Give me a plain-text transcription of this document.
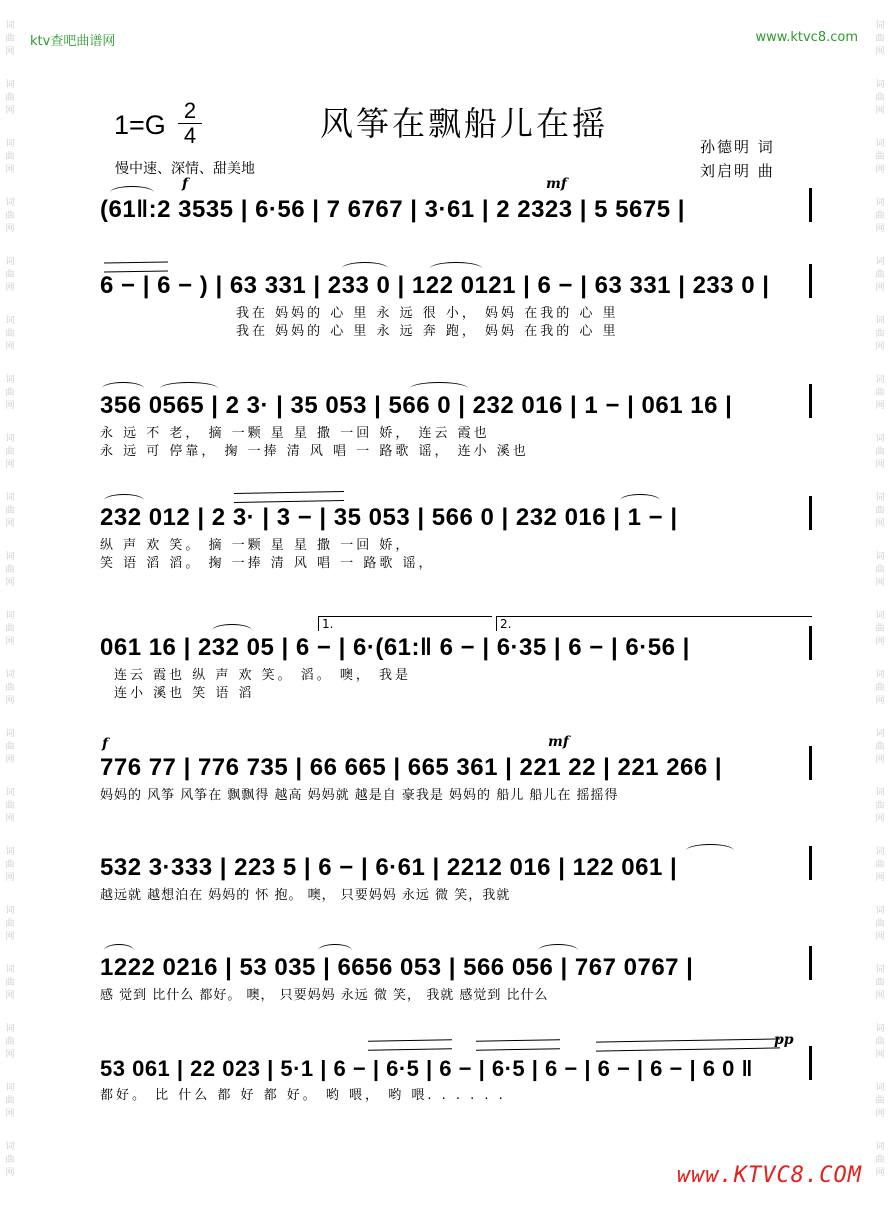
词曲网
词曲网
词曲网
词曲网
词曲网
词曲网
词曲网
词曲网
词曲网
词曲网
词曲网
词曲网
词曲网
词曲网
词曲网
词曲网
词曲网
词曲网
词曲网
词曲网
词曲网
词曲网
词曲网
词曲网
词曲网
词曲网
词曲网
词曲网
词曲网
词曲网
词曲网
词曲网
词曲网
词曲网
词曲网
词曲网
词曲网
词曲网
词曲网
词曲网
ktv查吧曲谱网	www.ktvc8.com
1=G 2
4	风筝在飘船儿在摇
慢中速、深情、甜美地
孙德明 词
刘启明 曲
f	mf
(61‖:2 3535 | 6·56 | 7 6767 | 3·61 | 2 2323 | 5 5675 |
6 − | 6 − ) | 63 331 | 233 0 | 122 0121 | 6 − | 63 331 | 233 0 |
我在 妈妈的 心 里 永 远 很 小， 妈妈 在我的 心 里
我在 妈妈的 心 里 永 远 奔 跑， 妈妈 在我的 心 里
356 0565 | 2 3· | 35 053 | 566 0 | 232 016 | 1 − | 061 16 |
永 远 不 老， 摘 一颗 星 星 撒 一回 娇， 连云 霞也
永 远 可 停靠， 掬 一捧 清 风 唱 一 路歌 谣， 连小 溪也
232 012 | 2 3· | 3 − | 35 053 | 566 0 | 232 016 | 1 − |
纵 声 欢 笑。 摘 一颗 星 星 撒 一回 娇，
笑 语 滔 滔。 掬 一捧 清 风 唱 一 路歌 谣，
1.	2.
061 16 | 232 05 | 6 − | 6·(61:‖ 6 − | 6·35 | 6 − | 6·56 |
连云 霞也 纵 声 欢 笑。 滔。 噢， 我是
连小 溪也 笑 语 滔
f	mf
776 77 | 776 735 | 66 665 | 665 361 | 221 22 | 221 266 |
妈妈的 风筝 风筝在 飘飘得 越高 妈妈就 越是自 豪我是 妈妈的 船儿 船儿在 摇摇得
532 3·333 | 223 5 | 6 − | 6·61 | 2212 016 | 122 061 |
越远就 越想泊在 妈妈的 怀 抱。 噢， 只要妈妈 永远 微 笑，我就
1222 0216 | 53 035 | 6656 053 | 566 056 | 767 0767 |
感 觉到 比什么 都好。 噢， 只要妈妈 永远 微 笑， 我就 感觉到 比什么
pp
53 061 | 22 023 | 5·1 | 6 − | 6·5 | 6 − | 6·5 | 6 − | 6 − | 6 − | 6 0 ‖
都好。 比 什么 都 好 都 好。 哟 喂， 哟 喂. . . . . .
www.KTVC8.COM
